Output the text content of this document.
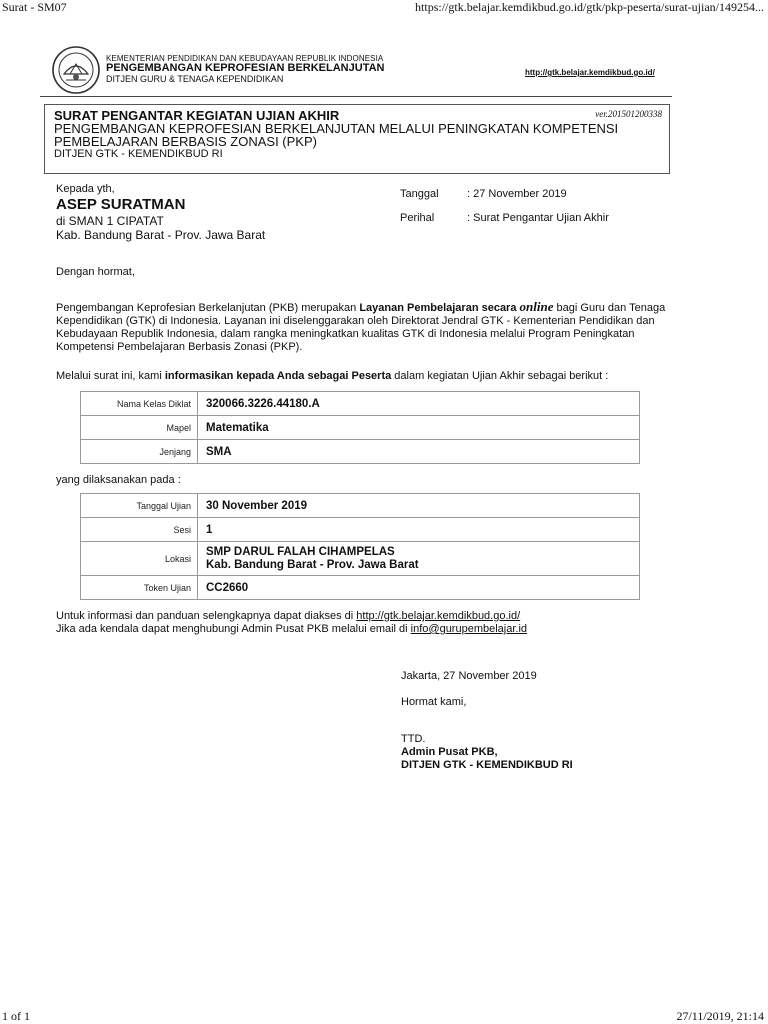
Surat - SM07	https://gtk.belajar.kemdikbud.go.id/gtk/pkp-peserta/surat-ujian/149254...
1 of 1	27/11/2019, 21:14
KEMENTERIAN PENDIDIKAN DAN KEBUDAYAAN REPUBLIK INDONESIA
PENGEMBANGAN KEPROFESIAN BERKELANJUTAN
DITJEN GURU & TENAGA KEPENDIDIKAN
http://gtk.belajar.kemdikbud.go.id/
SURAT PENGANTAR KEGIATAN UJIAN AKHIR
PENGEMBANGAN KEPROFESIAN BERKELANJUTAN MELALUI PENINGKATAN KOMPETENSI PEMBELAJARAN BERBASIS ZONASI (PKP)
DITJEN GTK - KEMENDIKBUD RI
ver.201501200338
Kepada yth,
ASEP SURATMAN
di SMAN 1 CIPATAT
Kab. Bandung Barat - Prov. Jawa Barat
Tanggal	: 27 November 2019
Perihal	: Surat Pengantar Ujian Akhir
Dengan hormat,
Pengembangan Keprofesian Berkelanjutan (PKB) merupakan Layanan Pembelajaran secara online bagi Guru dan Tenaga Kependidikan (GTK) di Indonesia. Layanan ini diselenggarakan oleh Direktorat Jendral GTK - Kementerian Pendidikan dan Kebudayaan Republik Indonesia, dalam rangka meningkatkan kualitas GTK di Indonesia melalui Program Peningkatan Kompetensi Pembelajaran Berbasis Zonasi (PKP).
Melalui surat ini, kami informasikan kepada Anda sebagai Peserta dalam kegiatan Ujian Akhir sebagai berikut :
Nama Kelas Diklat	320066.3226.44180.A
Mapel	Matematika
Jenjang	SMA
yang dilaksanakan pada :
Tanggal Ujian	30 November 2019
Sesi	1
Lokasi	SMP DARUL FALAH CIHAMPELAS
Kab. Bandung Barat - Prov. Jawa Barat

Token Ujian	CC2660
Untuk informasi dan panduan selengkapnya dapat diakses di http://gtk.belajar.kemdikbud.go.id/
Jika ada kendala dapat menghubungi Admin Pusat PKB melalui email di info@gurupembelajar.id
Jakarta, 27 November 2019
Hormat kami,
TTD.
Admin Pusat PKB,
DITJEN GTK - KEMENDIKBUD RI
